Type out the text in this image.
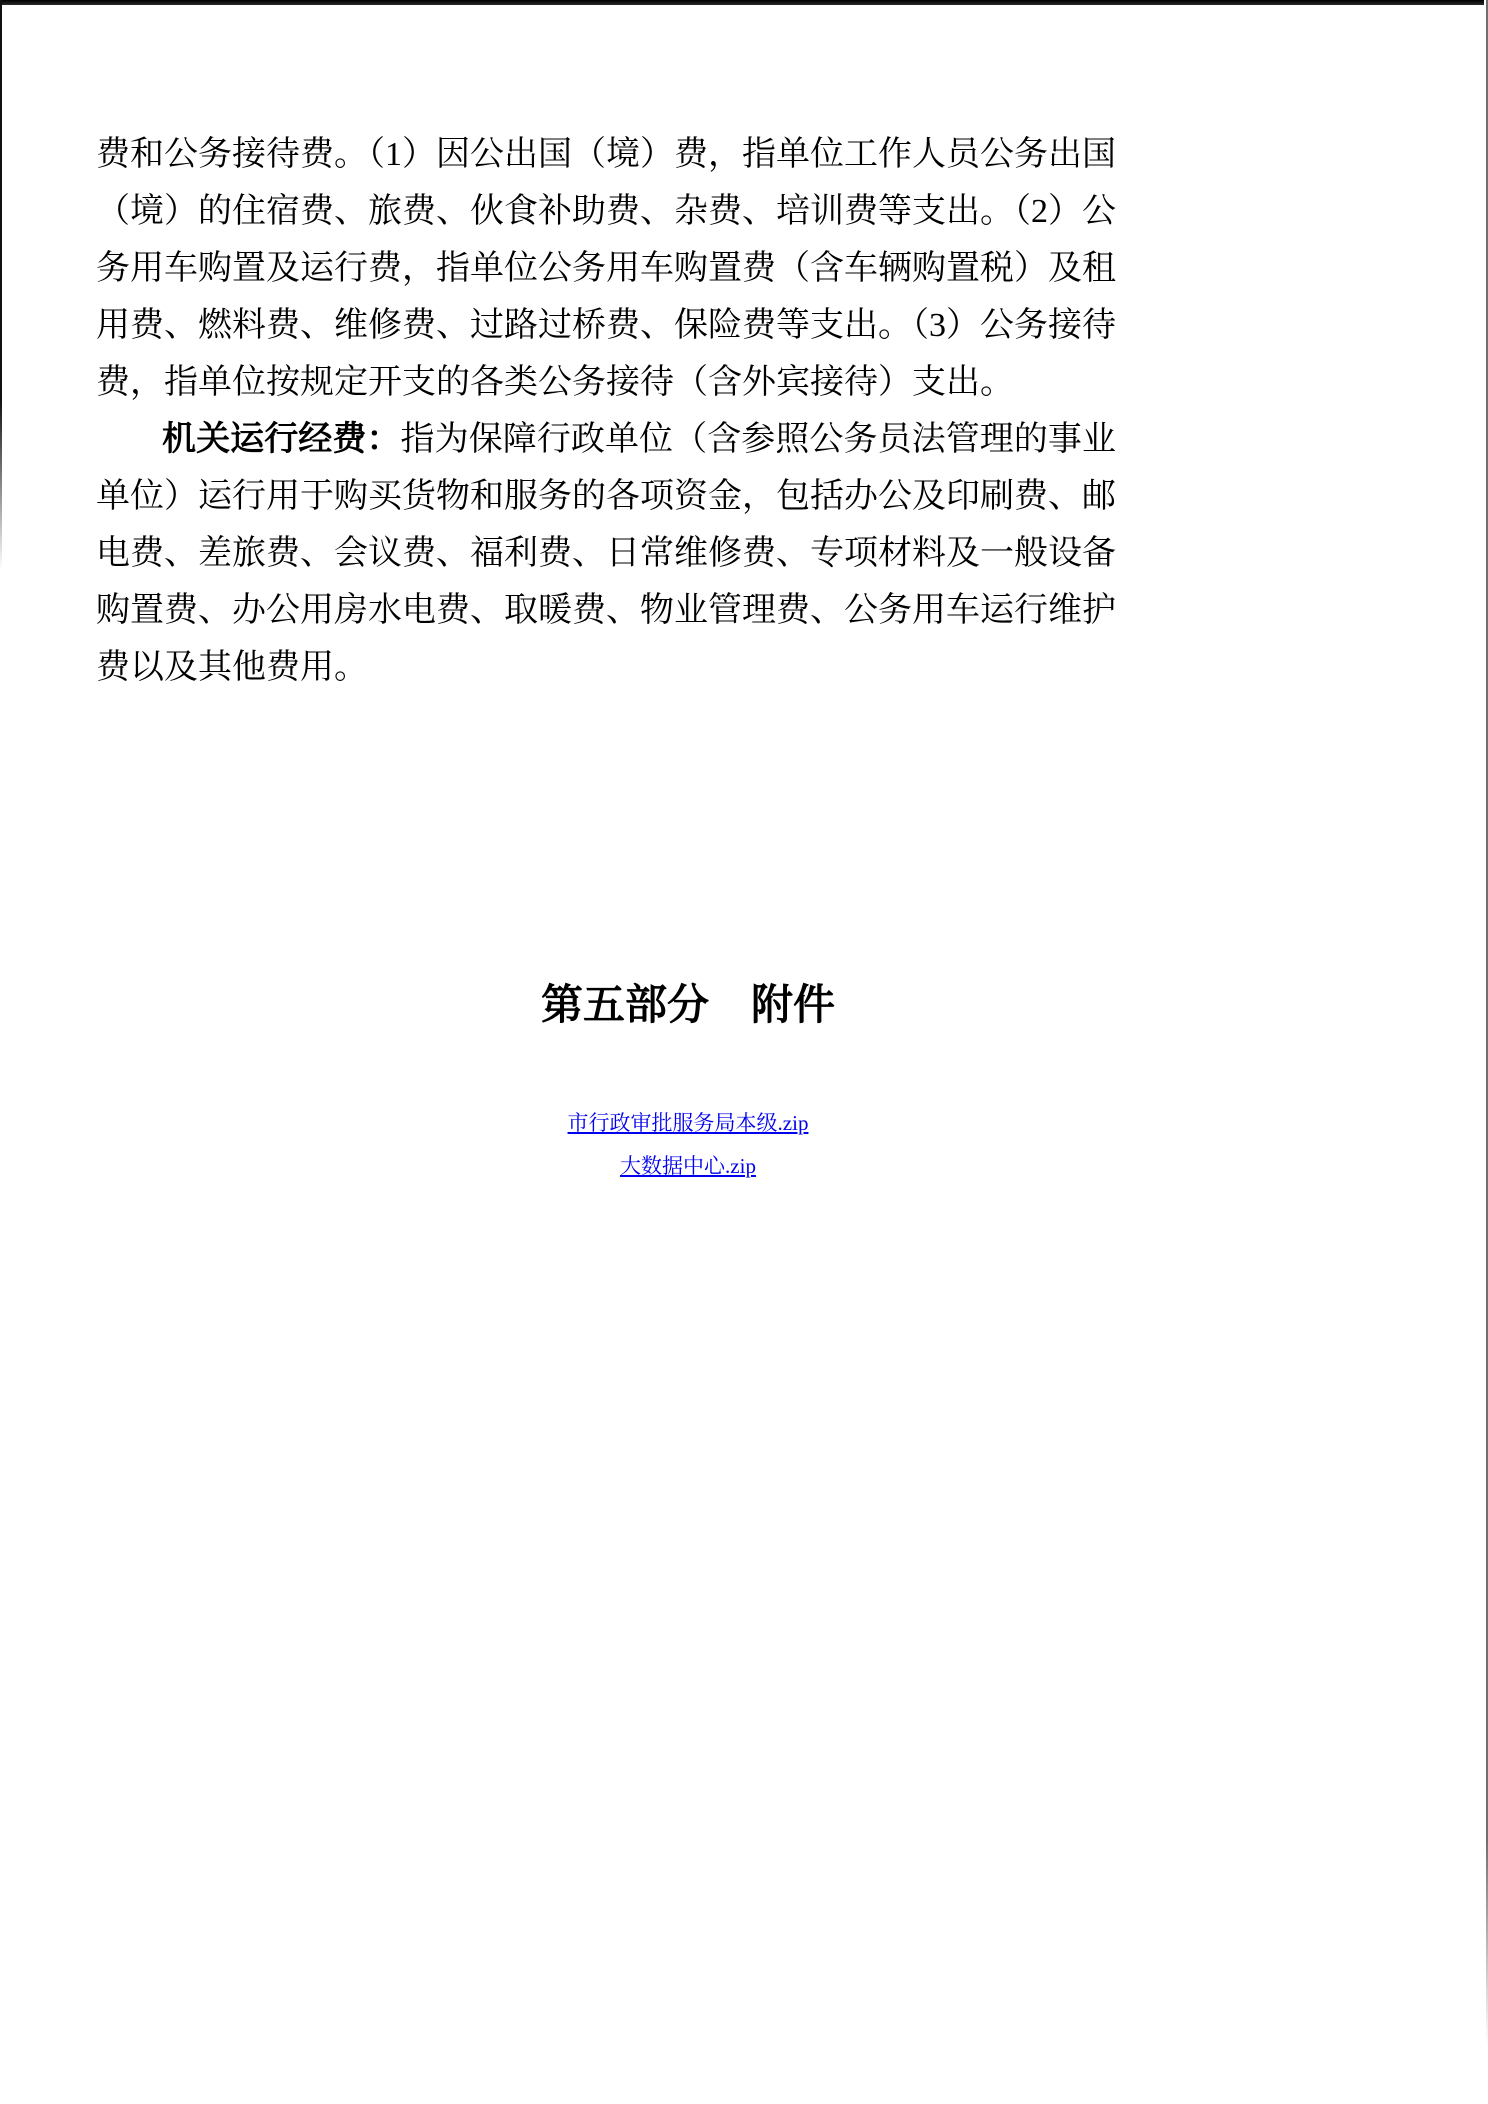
费和公务接待费。（1）因公出国（境）费，指单位工作人员公务出国（境）的住宿费、旅费、伙食补助费、杂费、培训费等支出。（2）公务用车购置及运行费，指单位公务用车购置费（含车辆购置税）及租用费、燃料费、维修费、过路过桥费、保险费等支出。（3）公务接待费，指单位按规定开支的各类公务接待（含外宾接待）支出。

机关运行经费：指为保障行政单位（含参照公务员法管理的事业单位）运行用于购买货物和服务的各项资金，包括办公及印刷费、邮电费、差旅费、会议费、福利费、日常维修费、专项材料及一般设备购置费、办公用房水电费、取暖费、物业管理费、公务用车运行维护费以及其他费用。

第五部分　附件
市行政审批服务局本级.zip
大数据中心.zip
